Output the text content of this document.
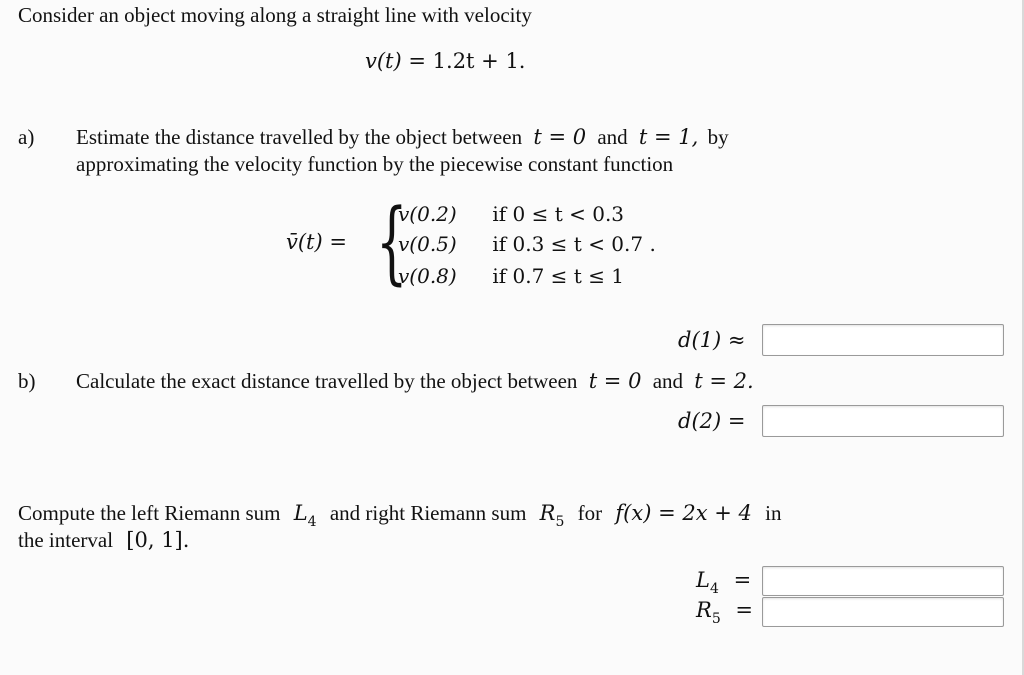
Consider an object moving along a straight line with velocity
v(t) = 1.2t + 1.
a) Estimate the distance travelled by the object between t = 0 and t = 1, by
approximating the velocity function by the piecewise constant function
v̄(t) = {
v(0.2) if 0 ≤ t < 0.3
v(0.5) if 0.3 ≤ t < 0.7 .
v(0.8) if 0.7 ≤ t ≤ 1
d(1) ≈
b) Calculate the exact distance travelled by the object between t = 0 and t = 2.
d(2) =
Compute the left Riemann sum $L_4$ and right Riemann sum $R_5$ for f(x) = 2x + 4 in
the interval [0, 1].
$L_4$ =
$R_5$ =
